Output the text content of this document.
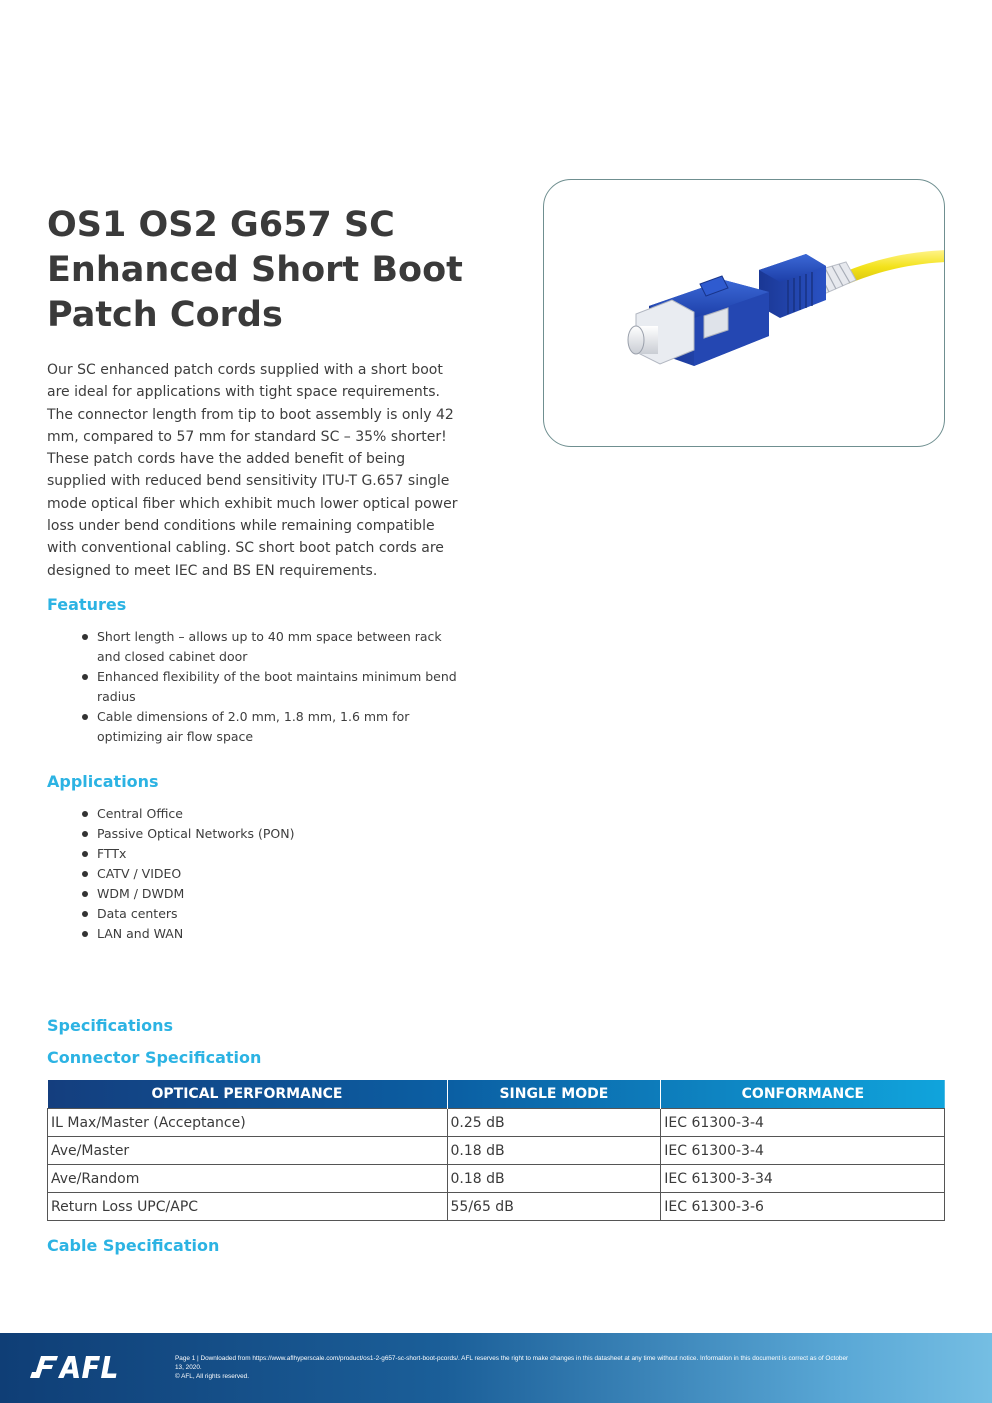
OS1 OS2 G657 SC
Enhanced Short Boot
Patch Cords

Our SC enhanced patch cords supplied with a short boot
are ideal for applications with tight space requirements.
The connector length from tip to boot assembly is only 42
mm, compared to 57 mm for standard SC – 35% shorter!
These patch cords have the added benefit of being
supplied with reduced bend sensitivity ITU-T G.657 single
mode optical fiber which exhibit much lower optical power
loss under bend conditions while remaining compatible
with conventional cabling. SC short boot patch cords are
designed to meet IEC and BS EN requirements.

Features
Short length – allows up to 40 mm space between rack
and closed cabinet door
Enhanced flexibility of the boot maintains minimum bend
radius
Cable dimensions of 2.0 mm, 1.8 mm, 1.6 mm for
optimizing air flow space
Applications
Central Office
Passive Optical Networks (PON)
FTTx
CATV / VIDEO
WDM / DWDM
Data centers
LAN and WAN
Specifications
Connector Specification
OPTICAL PERFORMANCE	SINGLE MODE	CONFORMANCE
IL Max/Master (Acceptance)	0.25 dB	IEC 61300-3-4
Ave/Master	0.18 dB	IEC 61300-3-4
Ave/Random	0.18 dB	IEC 61300-3-34
Return Loss UPC/APC	55/65 dB	IEC 61300-3-6
Cable Specification
Page 1 | Downloaded from https://www.aflhyperscale.com/product/os1-2-g657-sc-short-boot-pcords/. AFL reserves the right to make changes in this datasheet at any time without notice. Information in this document is correct as of October
13, 2020.
© AFL, All rights reserved.
